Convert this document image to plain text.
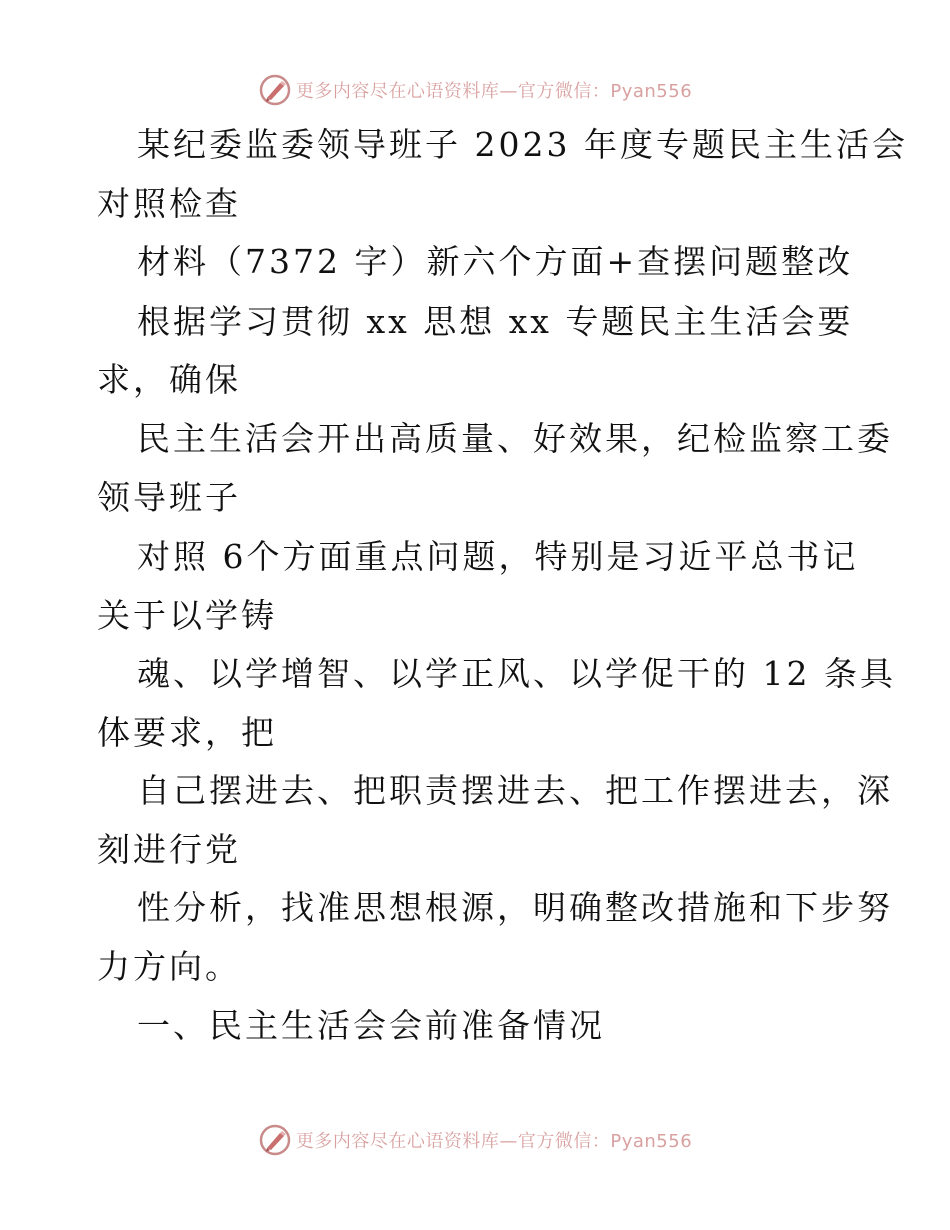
更多内容尽在心语资料库—官方微信：Pyan556
某纪委监委领导班子 2023 年度专题民主生活会
对照检查
材料（7372 字）新六个方面+查摆问题整改
根据学习贯彻 xx 思想 xx 专题民主生活会要
求，确保
民主生活会开出高质量、好效果，纪检监察工委
领导班子
对照 6个方面重点问题，特别是习近平总书记
关于以学铸
魂、以学增智、以学正风、以学促干的 12 条具
体要求，把
自己摆进去、把职责摆进去、把工作摆进去，深
刻进行党
性分析，找准思想根源，明确整改措施和下步努
力方向。
一、民主生活会会前准备情况
更多内容尽在心语资料库—官方微信：Pyan556
